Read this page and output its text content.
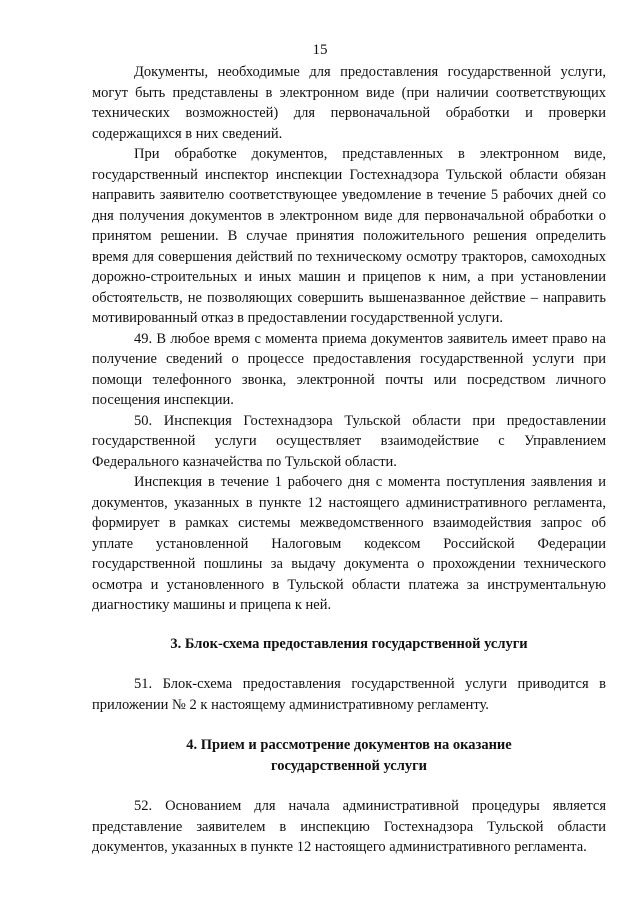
15

Документы, необходимые для предоставления государственной услуги, могут быть представлены в электронном виде (при наличии соответствующих технических возможностей) для первоначальной обработки и проверки содержащихся в них сведений.

При обработке документов, представленных в электронном виде, государственный инспектор инспекции Гостехнадзора Тульской области обязан направить заявителю соответствующее уведомление в течение 5 рабочих дней со дня получения документов в электронном виде для первоначальной обработки о принятом решении. В случае принятия положительного решения определить время для совершения действий по техническому осмотру тракторов, самоходных дорожно-строительных и иных машин и прицепов к ним, а при установлении обстоятельств, не позволяющих совершить вышеназванное действие – направить мотивированный отказ в предоставлении государственной услуги.

49. В любое время с момента приема документов заявитель имеет право на получение сведений о процессе предоставления государственной услуги при помощи телефонного звонка, электронной почты или посредством личного посещения инспекции.

50. Инспекция Гостехнадзора Тульской области при предоставлении государственной услуги осуществляет взаимодействие с Управлением Федерального казначейства по Тульской области.

Инспекция в течение 1 рабочего дня с момента поступления заявления и документов, указанных в пункте 12 настоящего административного регламента, формирует в рамках системы межведомственного взаимодействия запрос об уплате установленной Налоговым кодексом Российской Федерации государственной пошлины за выдачу документа о прохождении технического осмотра и установленного в Тульской области платежа за инструментальную диагностику машины и прицепа к ней.

3. Блок-схема предоставления государственной услуги

51. Блок-схема предоставления государственной услуги приводится в приложении № 2 к настоящему административному регламенту.

4. Прием и рассмотрение документов на оказание
государственной услуги

52. Основанием для начала административной процедуры является представление заявителем в инспекцию Гостехнадзора Тульской области документов, указанных в пункте 12 настоящего административного регламента.
